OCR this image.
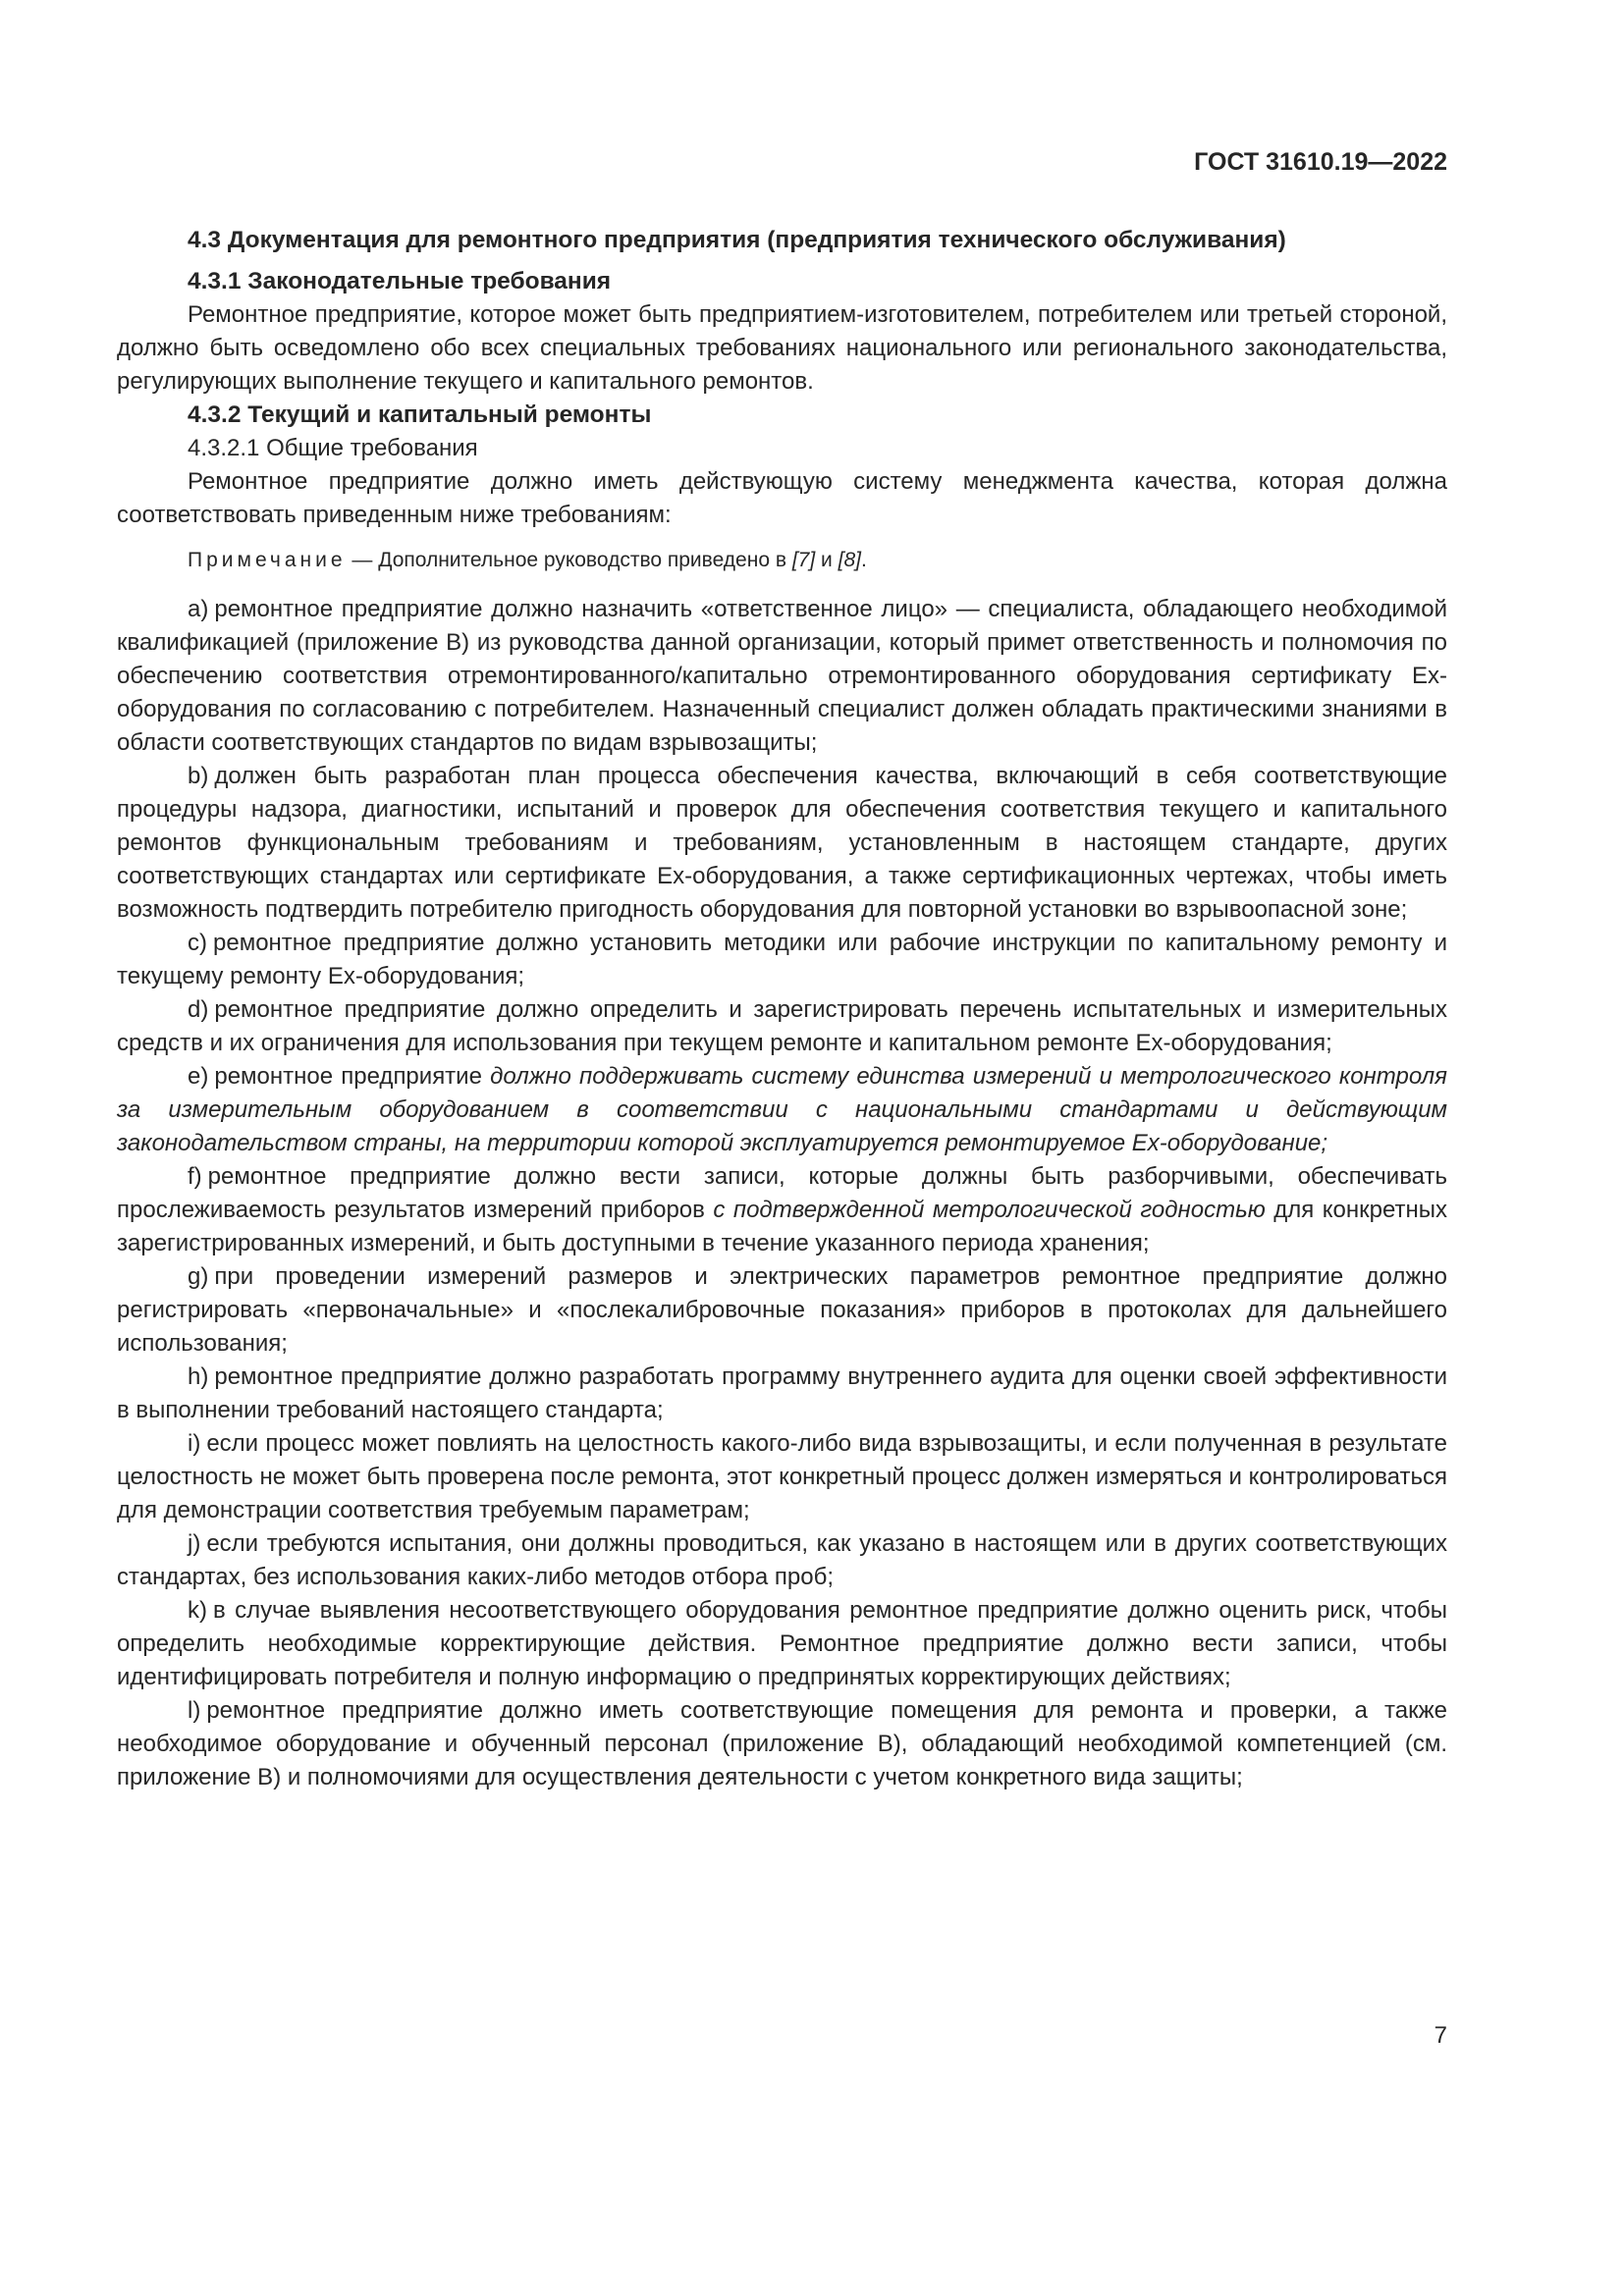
ГОСТ 31610.19—2022

4.3 Документация для ремонтного предприятия (предприятия технического обслуживания)

4.3.1 Законодательные требования

Ремонтное предприятие, которое может быть предприятием-изготовителем, потребителем или третьей стороной, должно быть осведомлено обо всех специальных требованиях национального или регионального законодательства, регулирующих выполнение текущего и капитального ремонтов.

4.3.2 Текущий и капитальный ремонты

4.3.2.1 Общие требования

Ремонтное предприятие должно иметь действующую систему менеджмента качества, которая должна соответствовать приведенным ниже требованиям:

Примечание — Дополнительное руководство приведено в [7] и [8].

a) ремонтное предприятие должно назначить «ответственное лицо» — специалиста, обладающего необходимой квалификацией (приложение В) из руководства данной организации, который примет ответственность и полномочия по обеспечению соответствия отремонтированного/капитально отремонтированного оборудования сертификату Ex-оборудования по согласованию с потребителем. Назначенный специалист должен обладать практическими знаниями в области соответствующих стандартов по видам взрывозащиты;

b) должен быть разработан план процесса обеспечения качества, включающий в себя соответствующие процедуры надзора, диагностики, испытаний и проверок для обеспечения соответствия текущего и капитального ремонтов функциональным требованиям и требованиям, установленным в настоящем стандарте, других соответствующих стандартах или сертификате Ex-оборудования, а также сертификационных чертежах, чтобы иметь возможность подтвердить потребителю пригодность оборудования для повторной установки во взрывоопасной зоне;

c) ремонтное предприятие должно установить методики или рабочие инструкции по капитальному ремонту и текущему ремонту Ex-оборудования;

d) ремонтное предприятие должно определить и зарегистрировать перечень испытательных и измерительных средств и их ограничения для использования при текущем ремонте и капитальном ремонте Ex-оборудования;

e) ремонтное предприятие должно поддерживать систему единства измерений и метрологического контроля за измерительным оборудованием в соответствии с национальными стандартами и действующим законодательством страны, на территории которой эксплуатируется ремонтируемое Ex-оборудование;

f) ремонтное предприятие должно вести записи, которые должны быть разборчивыми, обеспечивать прослеживаемость результатов измерений приборов с подтвержденной метрологической годностью для конкретных зарегистрированных измерений, и быть доступными в течение указанного периода хранения;

g) при проведении измерений размеров и электрических параметров ремонтное предприятие должно регистрировать «первоначальные» и «послекалибровочные показания» приборов в протоколах для дальнейшего использования;

h) ремонтное предприятие должно разработать программу внутреннего аудита для оценки своей эффективности в выполнении требований настоящего стандарта;

i) если процесс может повлиять на целостность какого-либо вида взрывозащиты, и если полученная в результате целостность не может быть проверена после ремонта, этот конкретный процесс должен измеряться и контролироваться для демонстрации соответствия требуемым параметрам;

j) если требуются испытания, они должны проводиться, как указано в настоящем или в других соответствующих стандартах, без использования каких-либо методов отбора проб;

k) в случае выявления несоответствующего оборудования ремонтное предприятие должно оценить риск, чтобы определить необходимые корректирующие действия. Ремонтное предприятие должно вести записи, чтобы идентифицировать потребителя и полную информацию о предпринятых корректирующих действиях;

l) ремонтное предприятие должно иметь соответствующие помещения для ремонта и проверки, а также необходимое оборудование и обученный персонал (приложение В), обладающий необходимой компетенцией (см. приложение В) и полномочиями для осуществления деятельности с учетом конкретного вида защиты;

7
